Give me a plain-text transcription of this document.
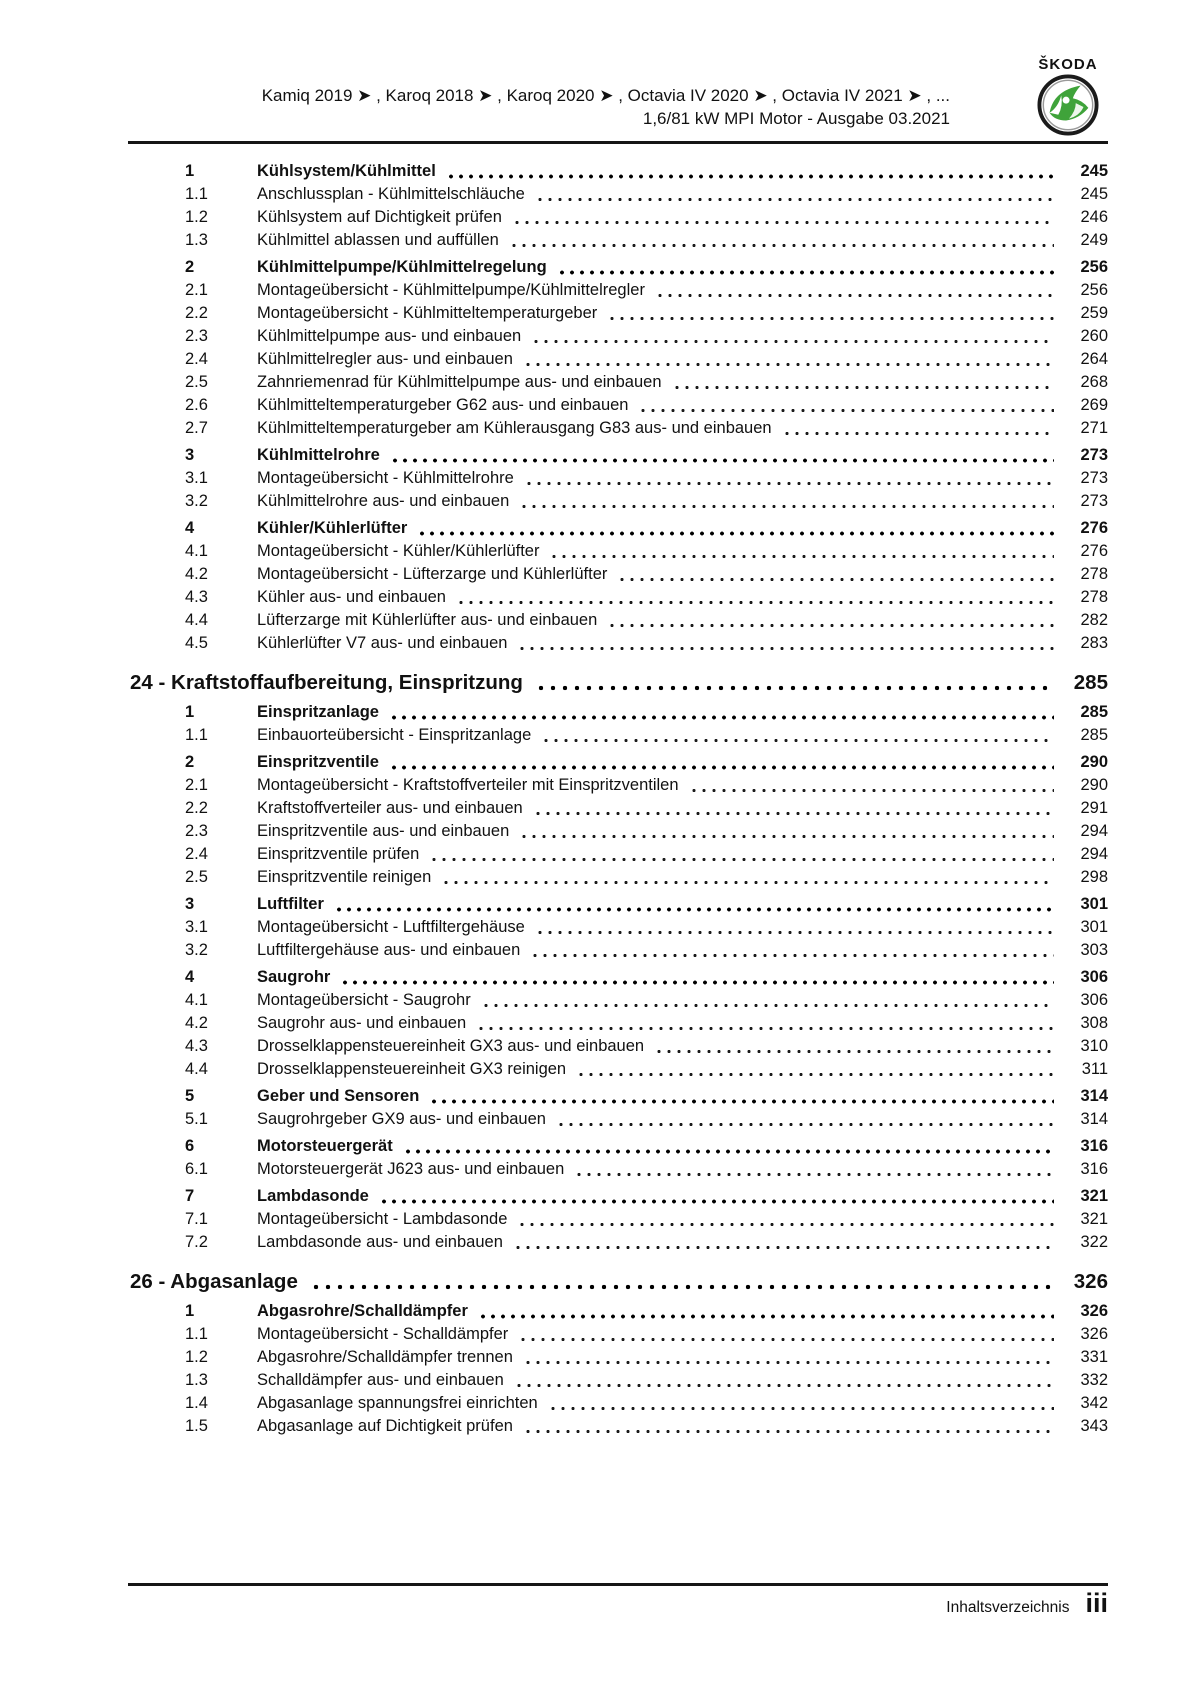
Kamiq 2019 ➤ , Karoq 2018 ➤ , Karoq 2020 ➤ , Octavia IV 2020 ➤ , Octavia IV 2021 ➤ , ...
1,6/81 kW MPI Motor - Ausgabe 03.2021
ŠKODA
1	Kühlsystem/Kühlmittel	245
1.1	Anschlussplan - Kühlmittelschläuche	245
1.2	Kühlsystem auf Dichtigkeit prüfen	246
1.3	Kühlmittel ablassen und auffüllen	249
2	Kühlmittelpumpe/Kühlmittelregelung	256
2.1	Montageübersicht - Kühlmittelpumpe/Kühlmittelregler	256
2.2	Montageübersicht - Kühlmitteltemperaturgeber	259
2.3	Kühlmittelpumpe aus- und einbauen	260
2.4	Kühlmittelregler aus- und einbauen	264
2.5	Zahnriemenrad für Kühlmittelpumpe aus- und einbauen	268
2.6	Kühlmitteltemperaturgeber G62 aus- und einbauen	269
2.7	Kühlmitteltemperaturgeber am Kühlerausgang G83 aus- und einbauen	271
3	Kühlmittelrohre	273
3.1	Montageübersicht - Kühlmittelrohre	273
3.2	Kühlmittelrohre aus- und einbauen	273
4	Kühler/Kühlerlüfter	276
4.1	Montageübersicht - Kühler/Kühlerlüfter	276
4.2	Montageübersicht - Lüfterzarge und Kühlerlüfter	278
4.3	Kühler aus- und einbauen	278
4.4	Lüfterzarge mit Kühlerlüfter aus- und einbauen	282
4.5	Kühlerlüfter V7 aus- und einbauen	283
24 - Kraftstoffaufbereitung, Einspritzung	285
1	Einspritzanlage	285
1.1	Einbauorteübersicht - Einspritzanlage	285
2	Einspritzventile	290
2.1	Montageübersicht - Kraftstoffverteiler mit Einspritzventilen	290
2.2	Kraftstoffverteiler aus- und einbauen	291
2.3	Einspritzventile aus- und einbauen	294
2.4	Einspritzventile prüfen	294
2.5	Einspritzventile reinigen	298
3	Luftfilter	301
3.1	Montageübersicht - Luftfiltergehäuse	301
3.2	Luftfiltergehäuse aus- und einbauen	303
4	Saugrohr	306
4.1	Montageübersicht - Saugrohr	306
4.2	Saugrohr aus- und einbauen	308
4.3	Drosselklappensteuereinheit GX3 aus- und einbauen	310
4.4	Drosselklappensteuereinheit GX3 reinigen	311
5	Geber und Sensoren	314
5.1	Saugrohrgeber GX9 aus- und einbauen	314
6	Motorsteuergerät	316
6.1	Motorsteuergerät J623 aus- und einbauen	316
7	Lambdasonde	321
7.1	Montageübersicht - Lambdasonde	321
7.2	Lambdasonde aus- und einbauen	322
26 - Abgasanlage	326
1	Abgasrohre/Schalldämpfer	326
1.1	Montageübersicht - Schalldämpfer	326
1.2	Abgasrohre/Schalldämpfer trennen	331
1.3	Schalldämpfer aus- und einbauen	332
1.4	Abgasanlage spannungsfrei einrichten	342
1.5	Abgasanlage auf Dichtigkeit prüfen	343
Inhaltsverzeichnis iii
